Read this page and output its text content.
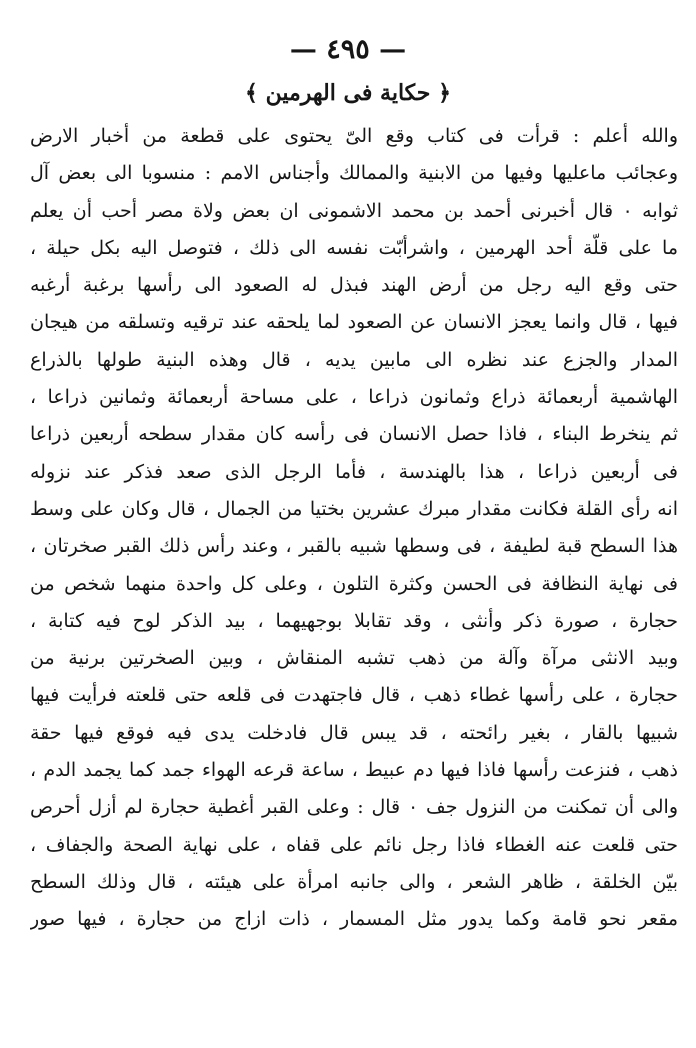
— ٤٩٥ —
﴿ حكاية فى الهرمين ﴾
والله أعلم : قرأت فى كتاب وقع الىّ يحتوى على قطعة من أخبار الارض
وعجائب ماعليها وفيها من الابنية والممالك وأجناس الامم : منسوبا الى بعض آل
ثوابه ٠ قال أخبرنى أحمد بن محمد الاشمونى ان بعض ولاة مصر أحب أن يعلم
ما على قلّة أحد الهرمين ، واشرأبّت نفسه الى ذلك ، فتوصل اليه بكل حيلة ،
حتى وقع اليه رجل من أرض الهند فبذل له الصعود الى رأسها برغبة أرغبه
فيها ، قال وانما يعجز الانسان عن الصعود لما يلحقه عند ترقيه وتسلقه من هيجان
المدار والجزع عند نظره الى مابين يديه ، قال وهذه البنية طولها بالذراع
الهاشمية أربعمائة ذراع وثمانون ذراعا ، على مساحة أربعمائة وثمانين ذراعا ،
ثم ينخرط البناء ، فاذا حصل الانسان فى رأسه كان مقدار سطحه أربعين ذراعا
فى أربعين ذراعا ، هذا بالهندسة ، فأما الرجل الذى صعد فذكر عند نزوله
انه رأى القلة فكانت مقدار مبرك عشرين بختيا من الجمال ، قال وكان على وسط
هذا السطح قبة لطيفة ، فى وسطها شبيه بالقبر ، وعند رأس ذلك القبر صخرتان ،
فى نهاية النظافة فى الحسن وكثرة التلون ، وعلى كل واحدة منهما شخص من
حجارة ، صورة ذكر وأنثى ، وقد تقابلا بوجهيهما ، بيد الذكر لوح فيه كتابة ،
وبيد الانثى مرآة وآلة من ذهب تشبه المنقاش ، وبين الصخرتين برنية من
حجارة ، على رأسها غطاء ذهب ، قال فاجتهدت فى قلعه حتى قلعته فرأيت فيها
شبيها بالقار ، بغير رائحته ، قد يبس قال فادخلت يدى فيه فوقع فيها حقة
ذهب ، فنزعت رأسها فاذا فيها دم عبيط ، ساعة قرعه الهواء جمد كما يجمد الدم ،
والى أن تمكنت من النزول جف ٠ قال : وعلى القبر أغطية حجارة لم أزل أحرص
حتى قلعت عنه الغطاء فاذا رجل نائم على قفاه ، على نهاية الصحة والجفاف ،
بيّن الخلقة ، ظاهر الشعر ، والى جانبه امرأة على هيئته ، قال وذلك السطح
مقعر نحو قامة وكما يدور مثل المسمار ، ذات ازاج من حجارة ، فيها صور
